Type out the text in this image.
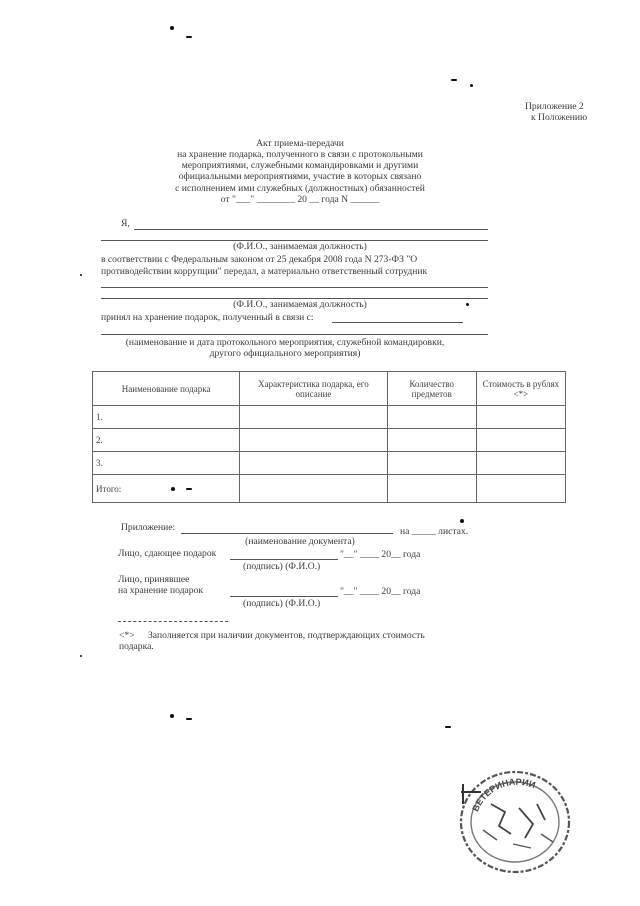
Приложение 2
к Положению
Акт приема-передачи
на хранение подарка, полученного в связи с протокольными
мероприятиями, служебными командировками и другими
официальными мероприятиями, участие в которых связано
с исполнением ими служебных (должностных) обязанностей
от "___" ________ 20 __ года N ______
Я,
(Ф.И.О., занимаемая должность)
в соответствии с Федеральным законом от 25 декабря 2008 года N 273-ФЗ "О
противодействии коррупции" передал, а материально ответственный сотрудник
(Ф.И.О., занимаемая должность)
принял на хранение подарок, полученный в связи с:
(наименование и дата протокольного мероприятия, служебной командировки,
другого официального мероприятия)
Наименование подарка	Характеристика подарка, его описание	Количество предметов	Стоимость в рублях <*>
1.			
2.			
3.			
Итого:			
Приложение:	на _____ листах.
(наименование документа)
Лицо, сдающее подарок	"__" ____ 20__ года
(подпись) (Ф.И.О.)
Лицо, принявшее
на хранение подарок	"__" ____ 20__ года
(подпись) (Ф.И.О.)
<*> Заполняется при наличии документов, подтверждающих стоимость
подарка.
ВЕТЕРИНАРИИ
